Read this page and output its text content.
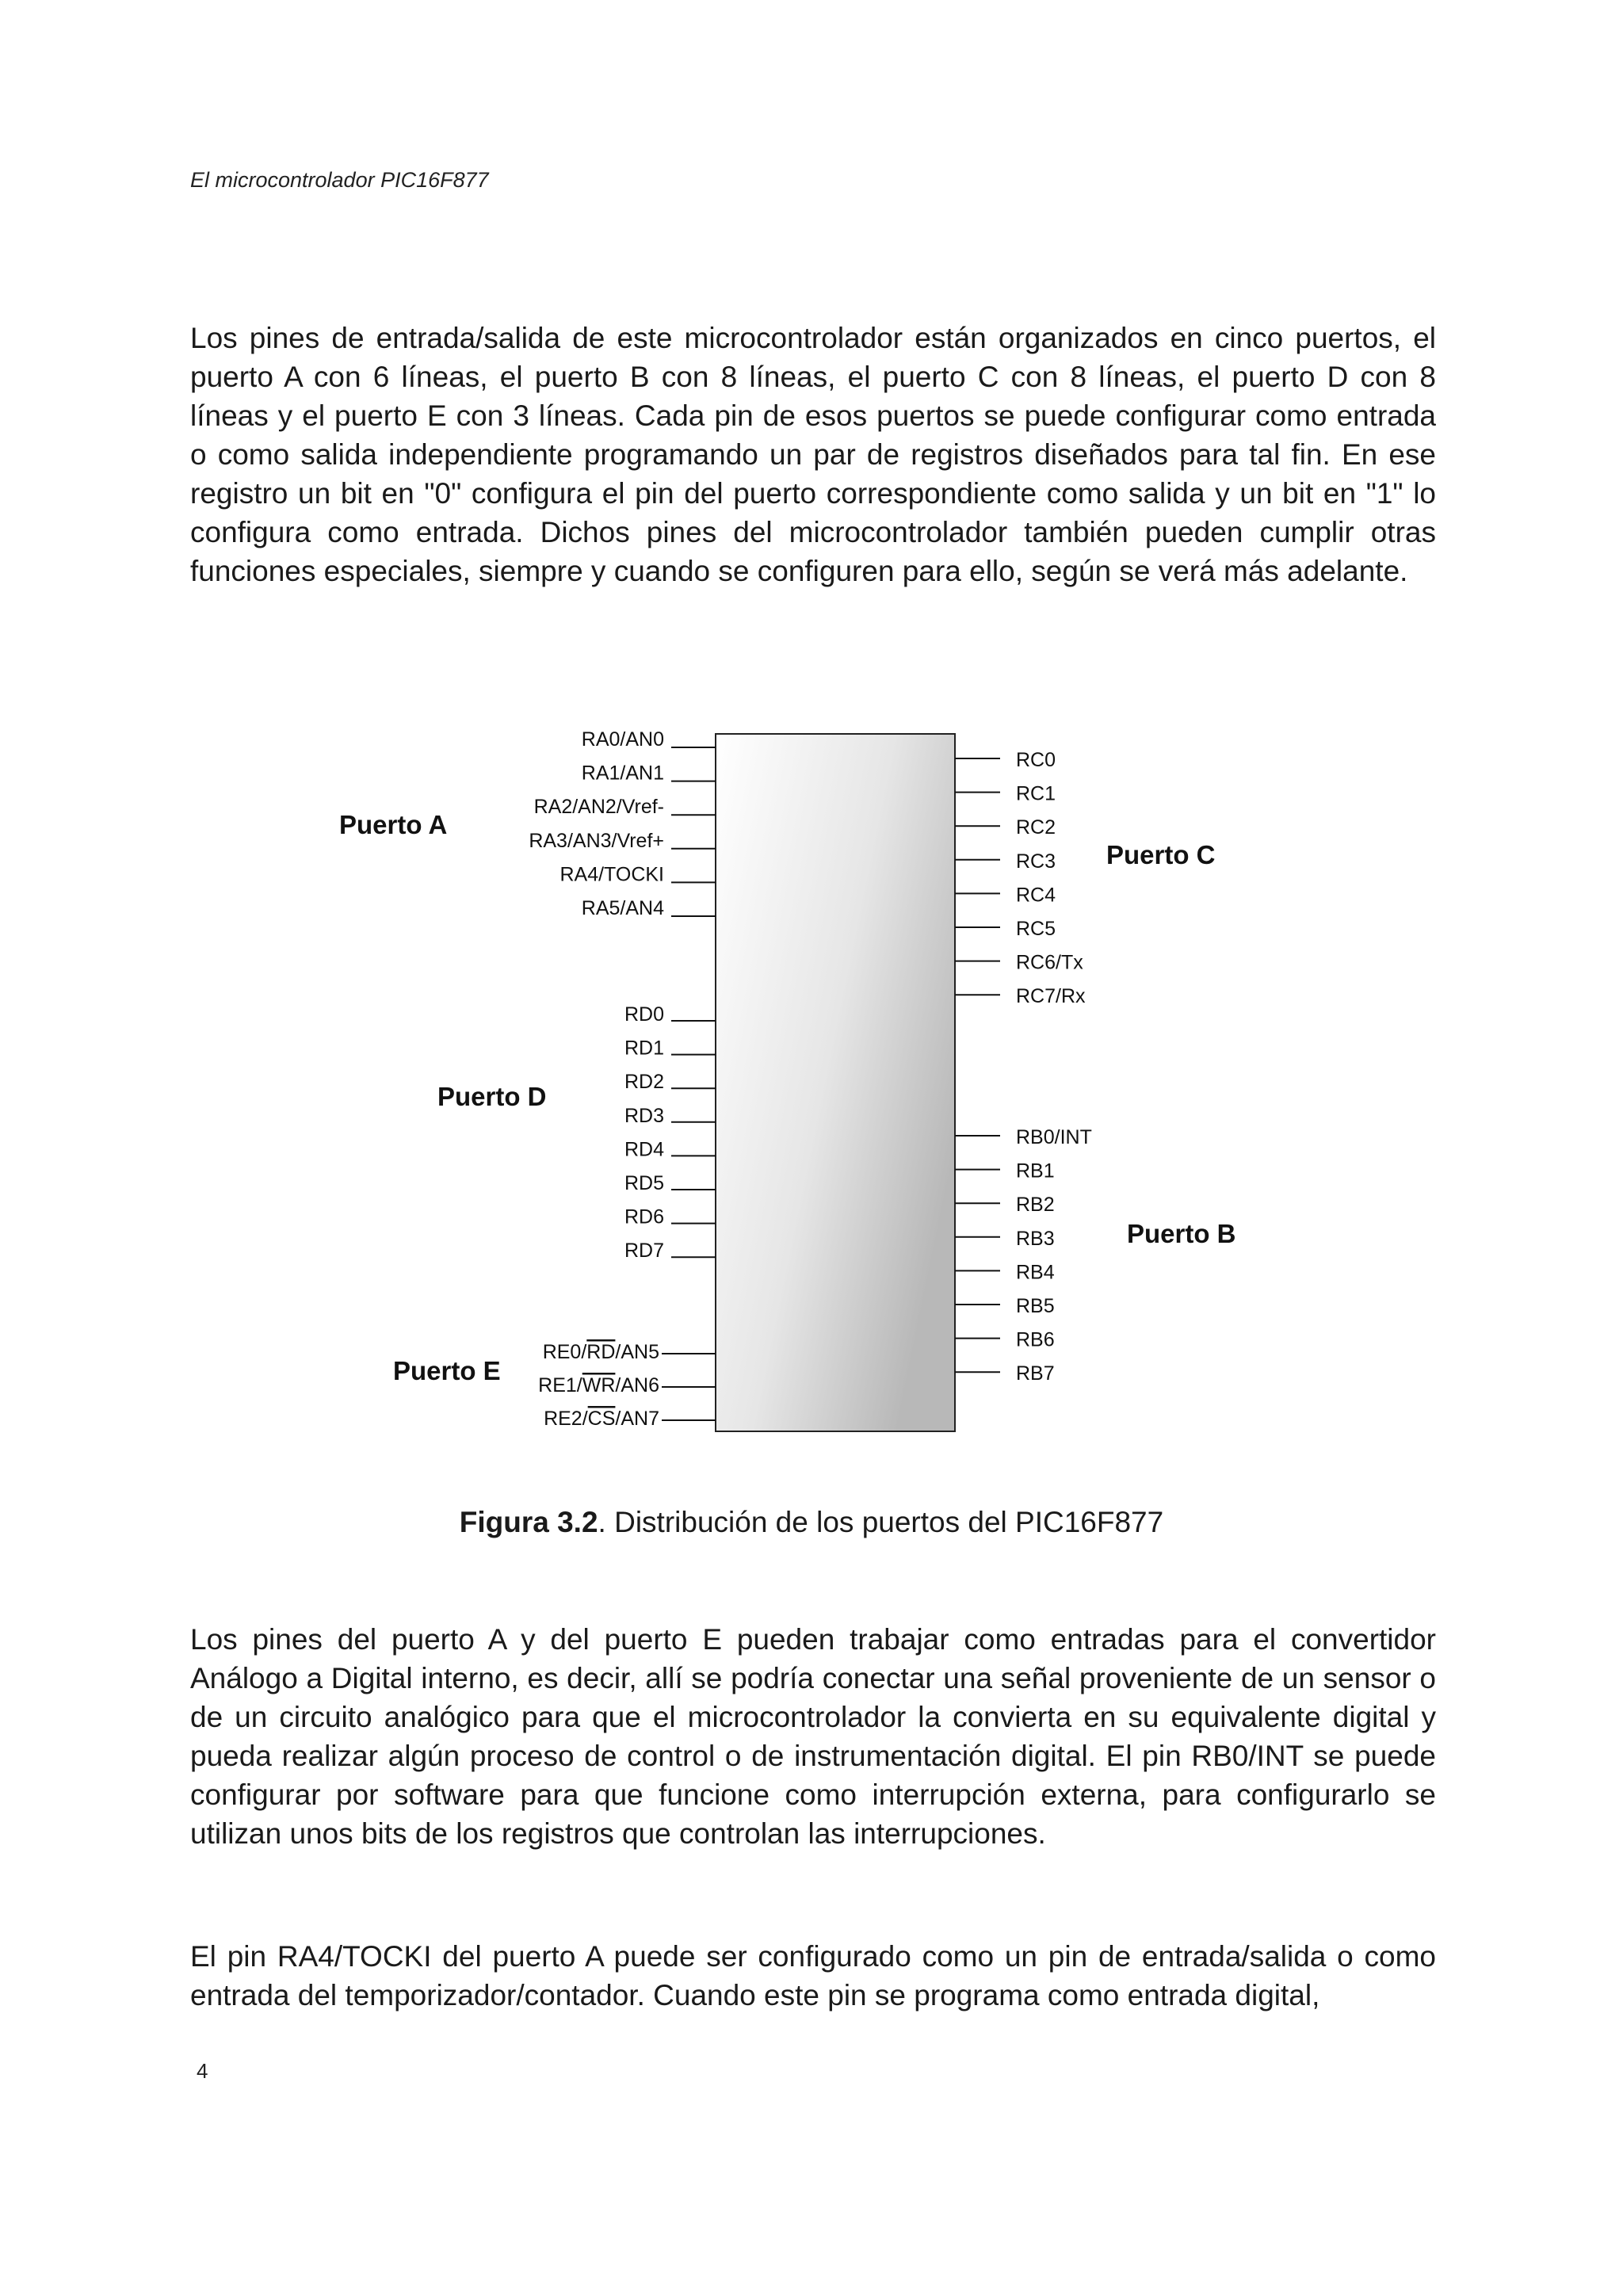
El microcontrolador PIC16F877
Los pines de entrada/salida de este microcontrolador están organizados en cinco puertos, el puerto A con 6 líneas, el puerto B con 8 líneas, el puerto C con 8 líneas, el puerto D con 8 líneas y el puerto E con 3 líneas. Cada pin de esos puertos se puede configurar como entrada o como salida independiente programando un par de registros diseñados para tal fin. En ese registro un bit en "0" configura el pin del puerto correspondiente como salida y un bit en "1" lo configura como entrada. Dichos pines del microcontrolador también pueden cumplir otras funciones especiales, siempre y cuando se configuren para ello, según se verá más adelante.
Puerto A
RA0/AN0
RA1/AN1
RA2/AN2/Vref-
RA3/AN3/Vref+
RA4/TOCKI
RA5/AN4
Puerto D
RD0
RD1
RD2
RD3
RD4
RD5
RD6
RD7
Puerto E
RE0/RD/AN5
RE1/WR/AN6
RE2/CS/AN7
Puerto C
RC0
RC1
RC2
RC3
RC4
RC5
RC6/Tx
RC7/Rx
Puerto B
RB0/INT
RB1
RB2
RB3
RB4
RB5
RB6
RB7
Figura 3.2. Distribución de los puertos del PIC16F877
Los pines del puerto A y del puerto E pueden trabajar como entradas para el convertidor Análogo a Digital interno, es decir, allí se podría conectar una señal proveniente de un sensor o de un circuito analógico para que el microcontrolador la convierta en su equivalente digital y pueda realizar algún proceso de control o de instrumentación digital. El pin RB0/INT se puede configurar por software para que funcione como interrupción externa, para configurarlo se utilizan unos bits de los registros que controlan las interrupciones.
El pin RA4/TOCKI del puerto A puede ser configurado como un pin de entrada/salida o como entrada del temporizador/contador. Cuando este pin se programa como entrada digital,
4
